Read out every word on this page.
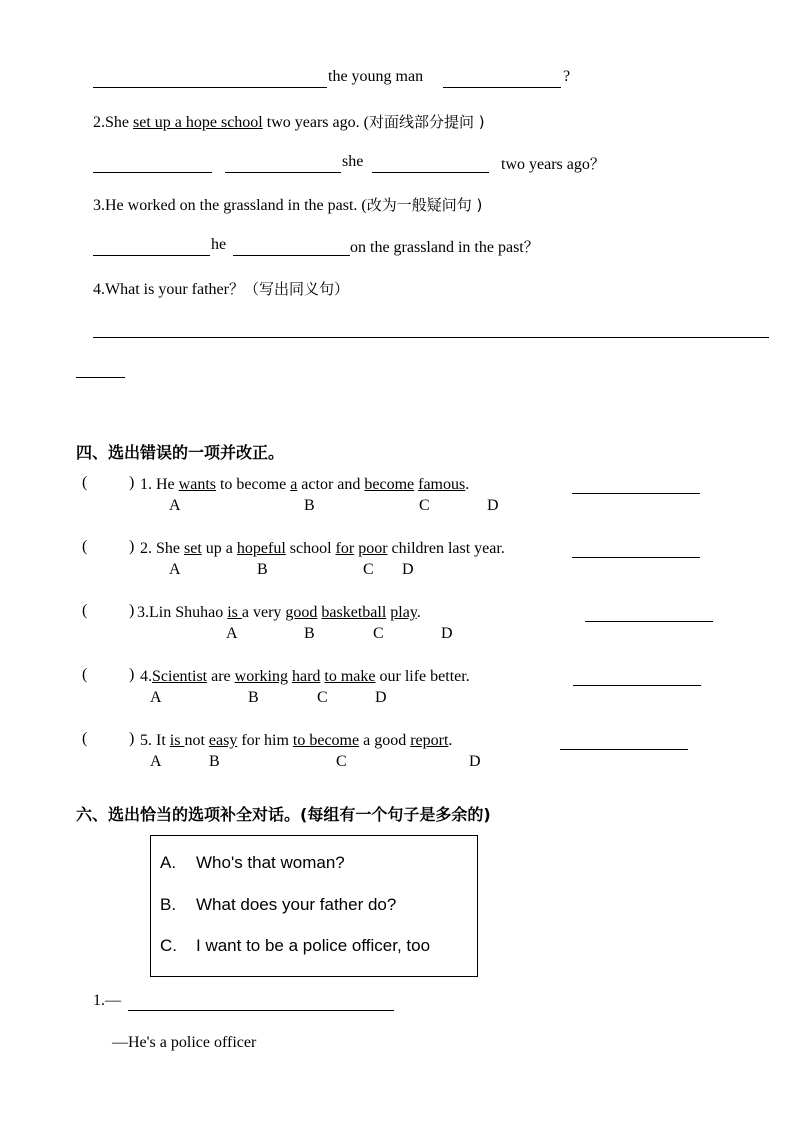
the young man	?
2.She set up a hope school two years ago. (对面线部分提问 )
she	two years ago？
3.He worked on the grassland in the past. (改为一般疑问句 )
he	on the grassland in the past？
4.What is your father？（写出同义句）
四、选出错误的一项并改正。
(	) 1. He wants to become a actor and become famous.
A	B	C	D
(	) 2. She set up a hopeful school for poor children last year.
A	B	C D
(	) 3.Lin Shuhao is a very good basketball play.
A	B	C	D
(	) 4.Scientist are working hard to make our life better.
A	B	C	D
(	) 5. It is not easy for him to become a good report.
A	B	C	D
六、选出恰当的选项补全对话。(每组有一个句子是多余的)
A. Who's that woman?
B. What does your father do?
C. I want to be a police officer, too
1.—
—He's a police officer
